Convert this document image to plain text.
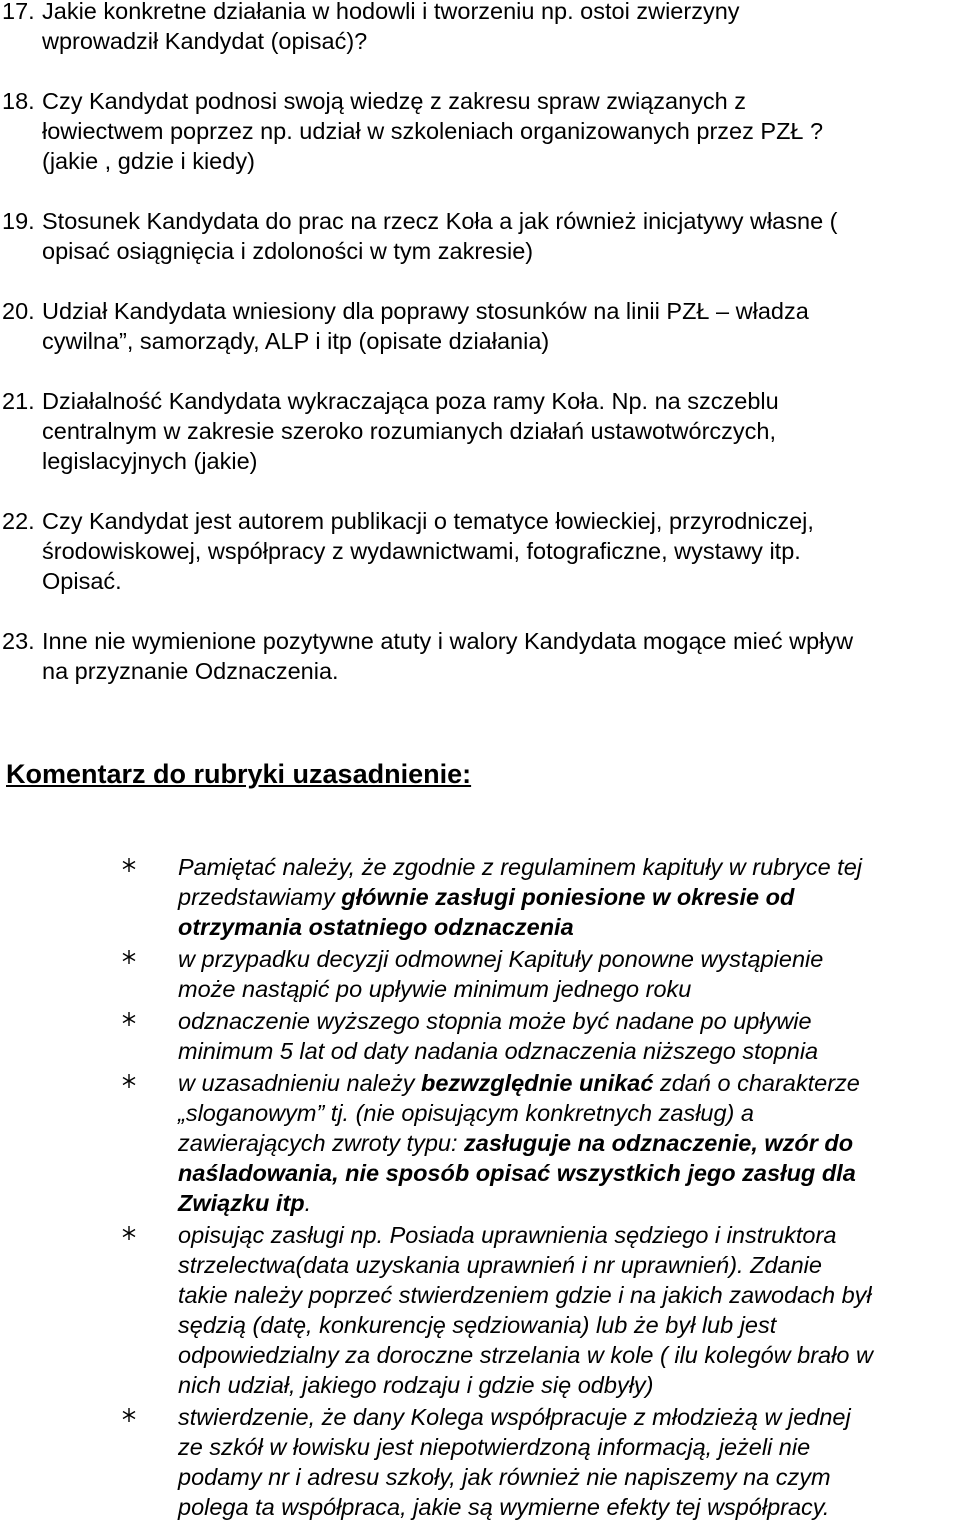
17. Jakie konkretne działania w hodowli i tworzeniu np. ostoi zwierzyny
wprowadził Kandydat (opisać)?
18. Czy Kandydat podnosi swoją wiedzę z zakresu spraw związanych z
łowiectwem poprzez np. udział w szkoleniach organizowanych przez PZŁ ?
(jakie , gdzie i kiedy)
19. Stosunek Kandydata do prac na rzecz Koła a jak również inicjatywy własne (
opisać osiągnięcia i zdoloności w tym zakresie)
20. Udział Kandydata wniesiony dla poprawy stosunków na linii PZŁ – władza
cywilna”, samorządy, ALP i itp (opisate działania)
21. Działalność Kandydata wykraczająca poza ramy Koła. Np. na szczeblu
centralnym w zakresie szeroko rozumianych działań ustawotwórczych,
legislacyjnych (jakie)
22. Czy Kandydat jest autorem publikacji o tematyce łowieckiej, przyrodniczej,
środowiskowej, współpracy z wydawnictwami, fotograficzne, wystawy itp.
Opisać.
23. Inne nie wymienione pozytywne atuty i walory Kandydata mogące mieć wpływ
na przyznanie Odznaczenia.
Komentarz do rubryki uzasadnienie:
Pamiętać należy, że zgodnie z regulaminem kapituły w rubryce tej
przedstawiamy głównie zasługi poniesione w okresie od
otrzymania ostatniego odznaczenia
w przypadku decyzji odmownej Kapituły ponowne wystąpienie
może nastąpić po upływie minimum jednego roku
odznaczenie wyższego stopnia może być nadane po upływie
minimum 5 lat od daty nadania odznaczenia niższego stopnia
w uzasadnieniu należy bezwzględnie unikać zdań o charakterze
„sloganowym” tj. (nie opisującym konkretnych zasług) a
zawierających zwroty typu: zasługuje na odznaczenie, wzór do
naśladowania, nie sposób opisać wszystkich jego zasług dla
Związku itp.
opisując zasługi np. Posiada uprawnienia sędziego i instruktora
strzelectwa(data uzyskania uprawnień i nr uprawnień). Zdanie
takie należy poprzeć stwierdzeniem gdzie i na jakich zawodach był
sędzią (datę, konkurencję sędziowania) lub że był lub jest
odpowiedzialny za doroczne strzelania w kole ( ilu kolegów brało w
nich udział, jakiego rodzaju i gdzie się odbyły)
stwierdzenie, że dany Kolega współpracuje z młodzieżą w jednej
ze szkół w łowisku jest niepotwierdzoną informacją, jeżeli nie
podamy nr i adresu szkoły, jak również nie napiszemy na czym
polega ta współpraca, jakie są wymierne efekty tej współpracy.
